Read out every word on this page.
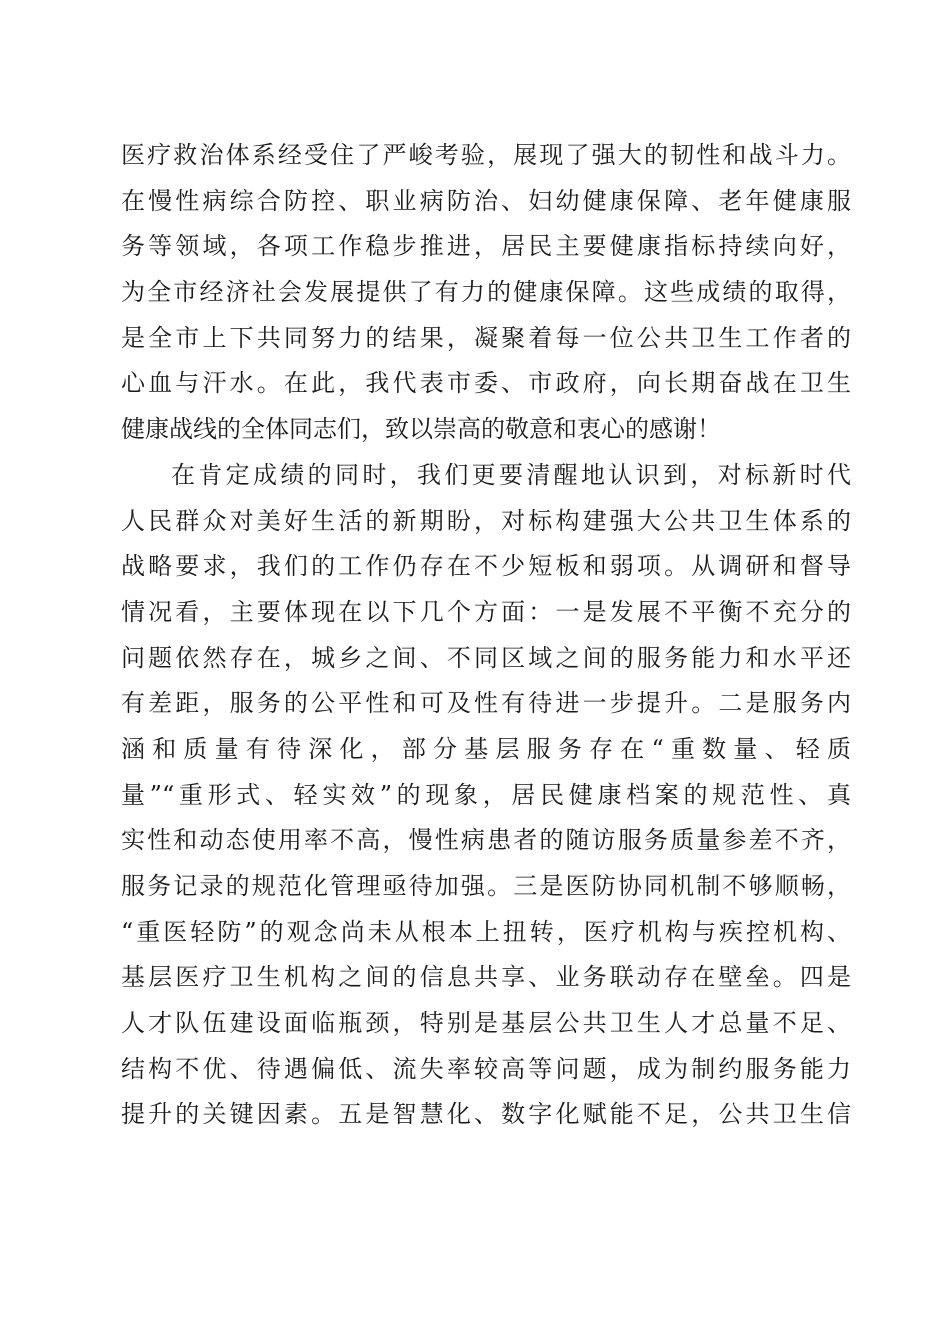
医疗救治体系经受住了严峻考验，展现了强大的韧性和战斗力。
在慢性病综合防控、职业病防治、妇幼健康保障、老年健康服
务等领域，各项工作稳步推进，居民主要健康指标持续向好，
为全市经济社会发展提供了有力的健康保障。这些成绩的取得，
是全市上下共同努力的结果，凝聚着每一位公共卫生工作者的
心血与汗水。在此，我代表市委、市政府，向长期奋战在卫生
健康战线的全体同志们，致以崇高的敬意和衷心的感谢！
在肯定成绩的同时，我们更要清醒地认识到，对标新时代
人民群众对美好生活的新期盼，对标构建强大公共卫生体系的
战略要求，我们的工作仍存在不少短板和弱项。从调研和督导
情况看，主要体现在以下几个方面：一是发展不平衡不充分的
问题依然存在，城乡之间、不同区域之间的服务能力和水平还
有差距，服务的公平性和可及性有待进一步提升。二是服务内
涵和质量有待深化，部分基层服务存在“重数量、轻质
量”“重形式、轻实效”的现象，居民健康档案的规范性、真
实性和动态使用率不高，慢性病患者的随访服务质量参差不齐，
服务记录的规范化管理亟待加强。三是医防协同机制不够顺畅，
“重医轻防”的观念尚未从根本上扭转，医疗机构与疾控机构、
基层医疗卫生机构之间的信息共享、业务联动存在壁垒。四是
人才队伍建设面临瓶颈，特别是基层公共卫生人才总量不足、
结构不优、待遇偏低、流失率较高等问题，成为制约服务能力
提升的关键因素。五是智慧化、数字化赋能不足，公共卫生信
